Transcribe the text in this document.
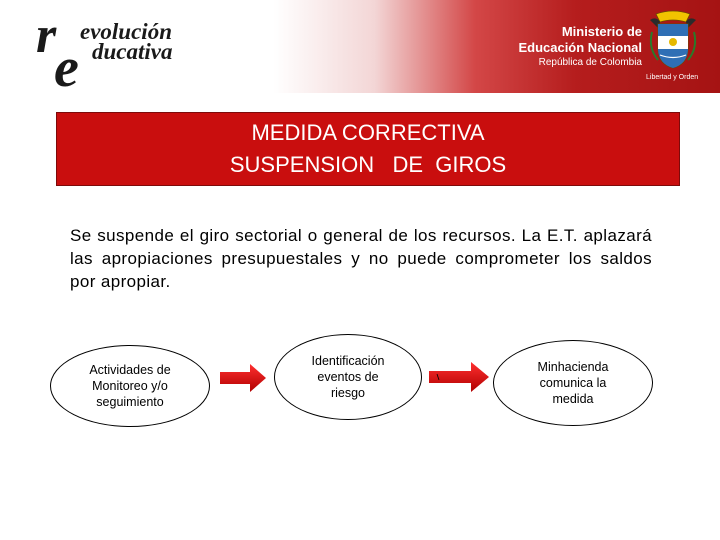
r
e
evolución
ducativa
Ministerio de
Educación Nacional
República de Colombia
Libertad y Orden
MEDIDA CORRECTIVA
SUSPENSION   DE  GIROS

Se suspende el giro sectorial o general de los recursos. La E.T. aplazará las apropiaciones presupuestales y no puede comprometer los saldos por apropiar.

Actividades de
Monitoreo y/o
seguimiento
Identificación
eventos de
riesgo
Minhacienda
comunica la
medida
